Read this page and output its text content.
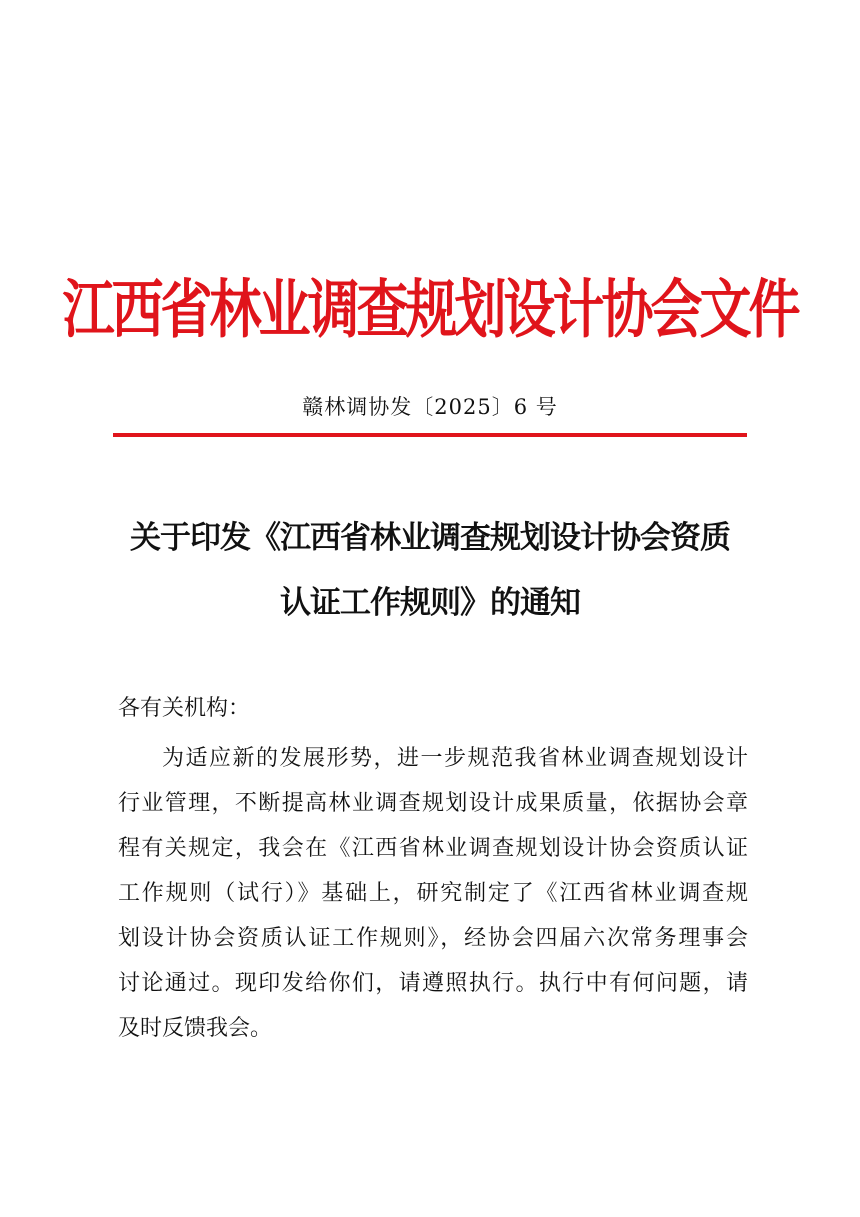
江西省林业调查规划设计协会文件
赣林调协发〔2025〕6 号
关于印发《江西省林业调查规划设计协会资质
认证工作规则》的通知
各有关机构：
为适应新的发展形势，进一步规范我省林业调查规划设计
行业管理，不断提高林业调查规划设计成果质量，依据协会章
程有关规定，我会在《江西省林业调查规划设计协会资质认证
工作规则（试行）》基础上，研究制定了《江西省林业调查规
划设计协会资质认证工作规则》，经协会四届六次常务理事会
讨论通过。现印发给你们，请遵照执行。执行中有何问题，请
及时反馈我会。
